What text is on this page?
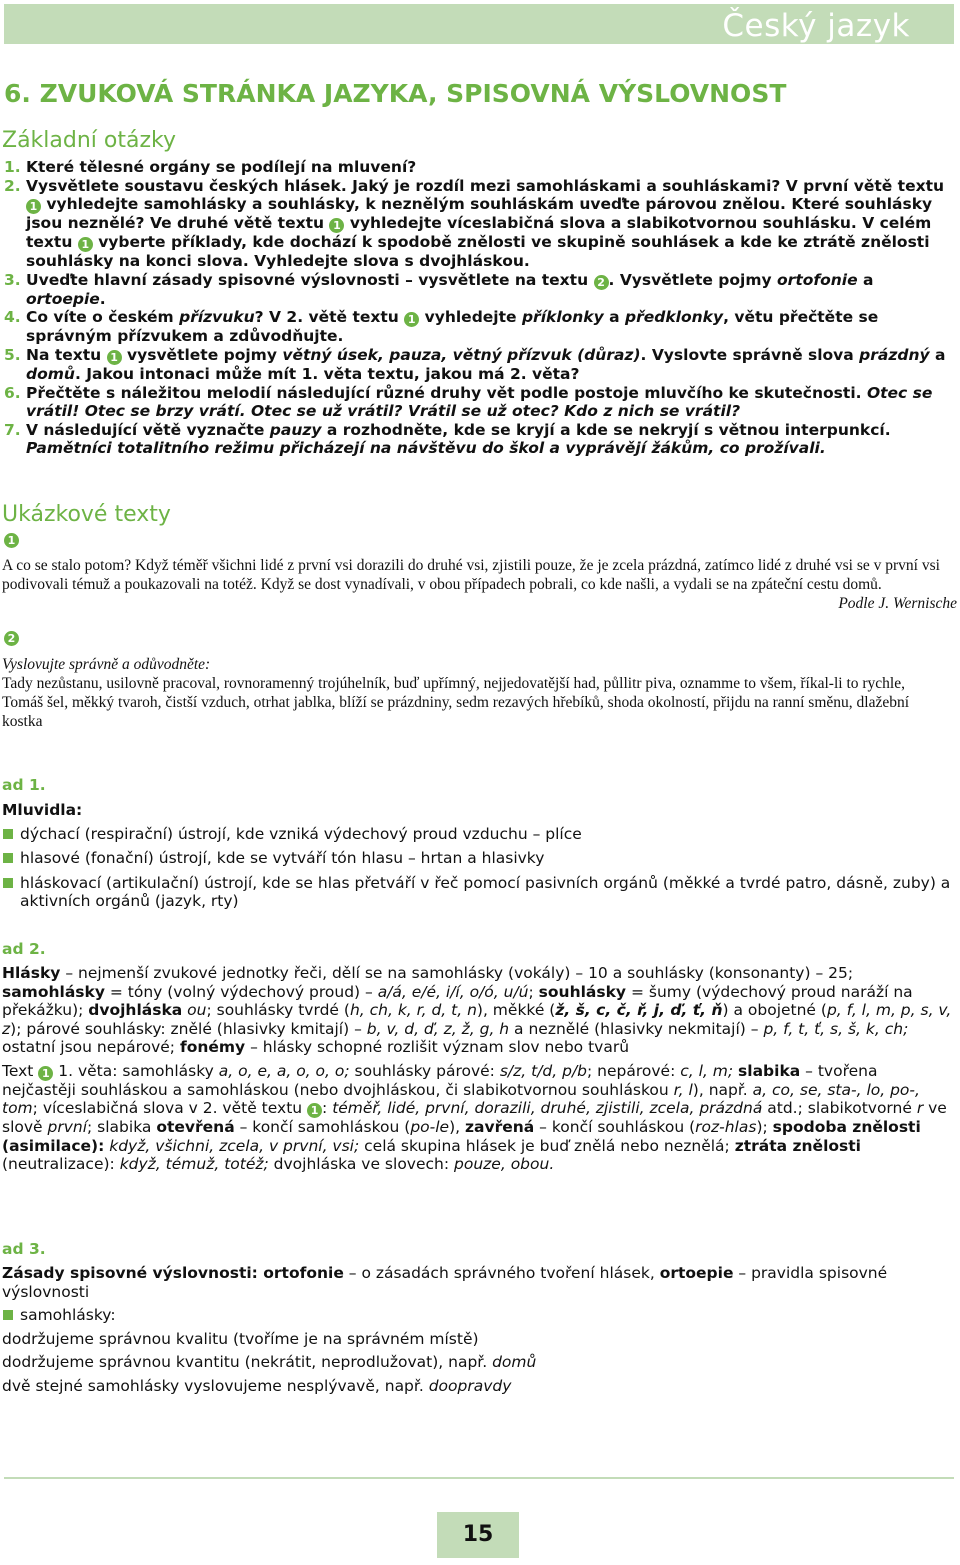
Český jazyk
6. ZVUKOVÁ STRÁNKA JAZYKA, SPISOVNÁ VÝSLOVNOST
Základní otázky
1. Které tělesné orgány se podílejí na mluvení?
2. Vysvětlete soustavu českých hlásek. Jaký je rozdíl mezi samohláskami a souhláskami? V první větě textu 1 vyhledejte samohlásky a souhlásky, k neznělým souhláskám uveďte párovou znělou. Které souhlásky jsou neznělé? Ve druhé větě textu 1 vyhledejte víceslabičná slova a slabikotvornou souhlásku. V celém textu 1 vyberte příklady, kde dochází k spodobě znělosti ve skupině souhlásek a kde ke ztrátě znělosti souhlásky na konci slova. Vyhledejte slova s dvojhláskou.
3. Uveďte hlavní zásady spisovné výslovnosti – vysvětlete na textu 2 . Vysvětlete pojmy ortofonie a ortoepie.
4. Co víte o českém přízvuku? V 2. větě textu 1 vyhledejte příklonky a předklonky, větu přečtěte se správným přízvukem a zdůvodňujte.
5. Na textu 1 vysvětlete pojmy větný úsek, pauza, větný přízvuk (důraz). Vyslovte správně slova prázdný a domů. Jakou intonaci může mít 1. věta textu, jakou má 2. věta?
6. Přečtěte s náležitou melodií následující různé druhy vět podle postoje mluvčího ke skutečnosti. Otec se vrátil! Otec se brzy vrátí. Otec se už vrátil? Vrátil se už otec? Kdo z nich se vrátil?
7. V následující větě vyznačte pauzy a rozhodněte, kde se kryjí a kde se nekryjí s větnou interpunkcí. Pamětníci totalitního režimu přicházejí na návštěvu do škol a vyprávějí žákům, co prožívali.
Ukázkové texty
1
A co se stalo potom? Když téměř všichni lidé z první vsi dorazili do druhé vsi, zjistili pouze, že je zcela prázdná, zatímco lidé z druhé vsi se v první vsi podivovali témuž a poukazovali na totéž. Když se dost vynadívali, v obou případech pobrali, co kde našli, a vydali se na zpáteční cestu domů.
Podle J. Wernische
2
Vyslovujte správně a odůvodněte:
Tady nezůstanu, usilovně pracoval, rovnoramenný trojúhelník, buď upřímný, nejjedovatější had, půllitr piva, oznamme to všem, říkal-li to rychle, Tomáš šel, měkký tvaroh, čistší vzduch, otrhat jablka, blíží se prázdniny, sedm rezavých hřebíků, shoda okolností, přijdu na ranní směnu, dlažební kostka
ad 1.

Mluvidla:

dýchací (respirační) ústrojí, kde vzniká výdechový proud vzduchu – plíce
hlasové (fonační) ústrojí, kde se vytváří tón hlasu – hrtan a hlasivky
hláskovací (artikulační) ústrojí, kde se hlas přetváří v řeč pomocí pasivních orgánů (měkké a tvrdé patro, dásně, zuby) a aktivních orgánů (jazyk, rty)
ad 2.

Hlásky – nejmenší zvukové jednotky řeči, dělí se na samohlásky (vokály) – 10 a souhlásky (konsonanty) – 25; samohlásky = tóny (volný výdechový proud) – a/á, e/é, i/í, o/ó, u/ú; souhlásky = šumy (výdechový proud naráží na překážku); dvojhláska ou; souhlásky tvrdé (h, ch, k, r, d, t, n), měkké (ž, š, c, č, ř, j, ď, ť, ň) a obojetné (p, f, l, m, p, s, v, z); párové souhlásky: znělé (hlasivky kmitají) – b, v, d, ď, z, ž, g, h a neznělé (hlasivky nekmitají) – p, f, t, ť, s, š, k, ch; ostatní jsou nepárové; fonémy – hlásky schopné rozlišit význam slov nebo tvarů

Text 1 1. věta: samohlásky a, o, e, a, o, o, o; souhlásky párové: s/z, t/d, p/b; nepárové: c, l, m; slabika – tvořena nejčastěji souhláskou a samohláskou (nebo dvojhláskou, či slabikotvornou souhláskou r, l), např. a, co, se, sta-, lo, po-, tom; víceslabičná slova v 2. větě textu 1 : téměř, lidé, první, dorazili, druhé, zjistili, zcela, prázdná atd.; slabikotvorné r ve slově první; slabika otevřená – končí samohláskou (po-le), zavřená – končí souhláskou (roz-hlas); spodoba znělosti (asimilace): když, všichni, zcela, v první, vsi; celá skupina hlásek je buď znělá nebo neznělá; ztráta znělosti (neutralizace): když, témuž, totéž; dvojhláska ve slovech: pouze, obou.

ad 3.

Zásady spisovné výslovnosti: ortofonie – o zásadách správného tvoření hlásek, ortoepie – pravidla spisovné výslovnosti

samohlásky:

dodržujeme správnou kvalitu (tvoříme je na správném místě)

dodržujeme správnou kvantitu (nekrátit, neprodlužovat), např. domů

dvě stejné samohlásky vyslovujeme nesplývavě, např. doopravdy

15
